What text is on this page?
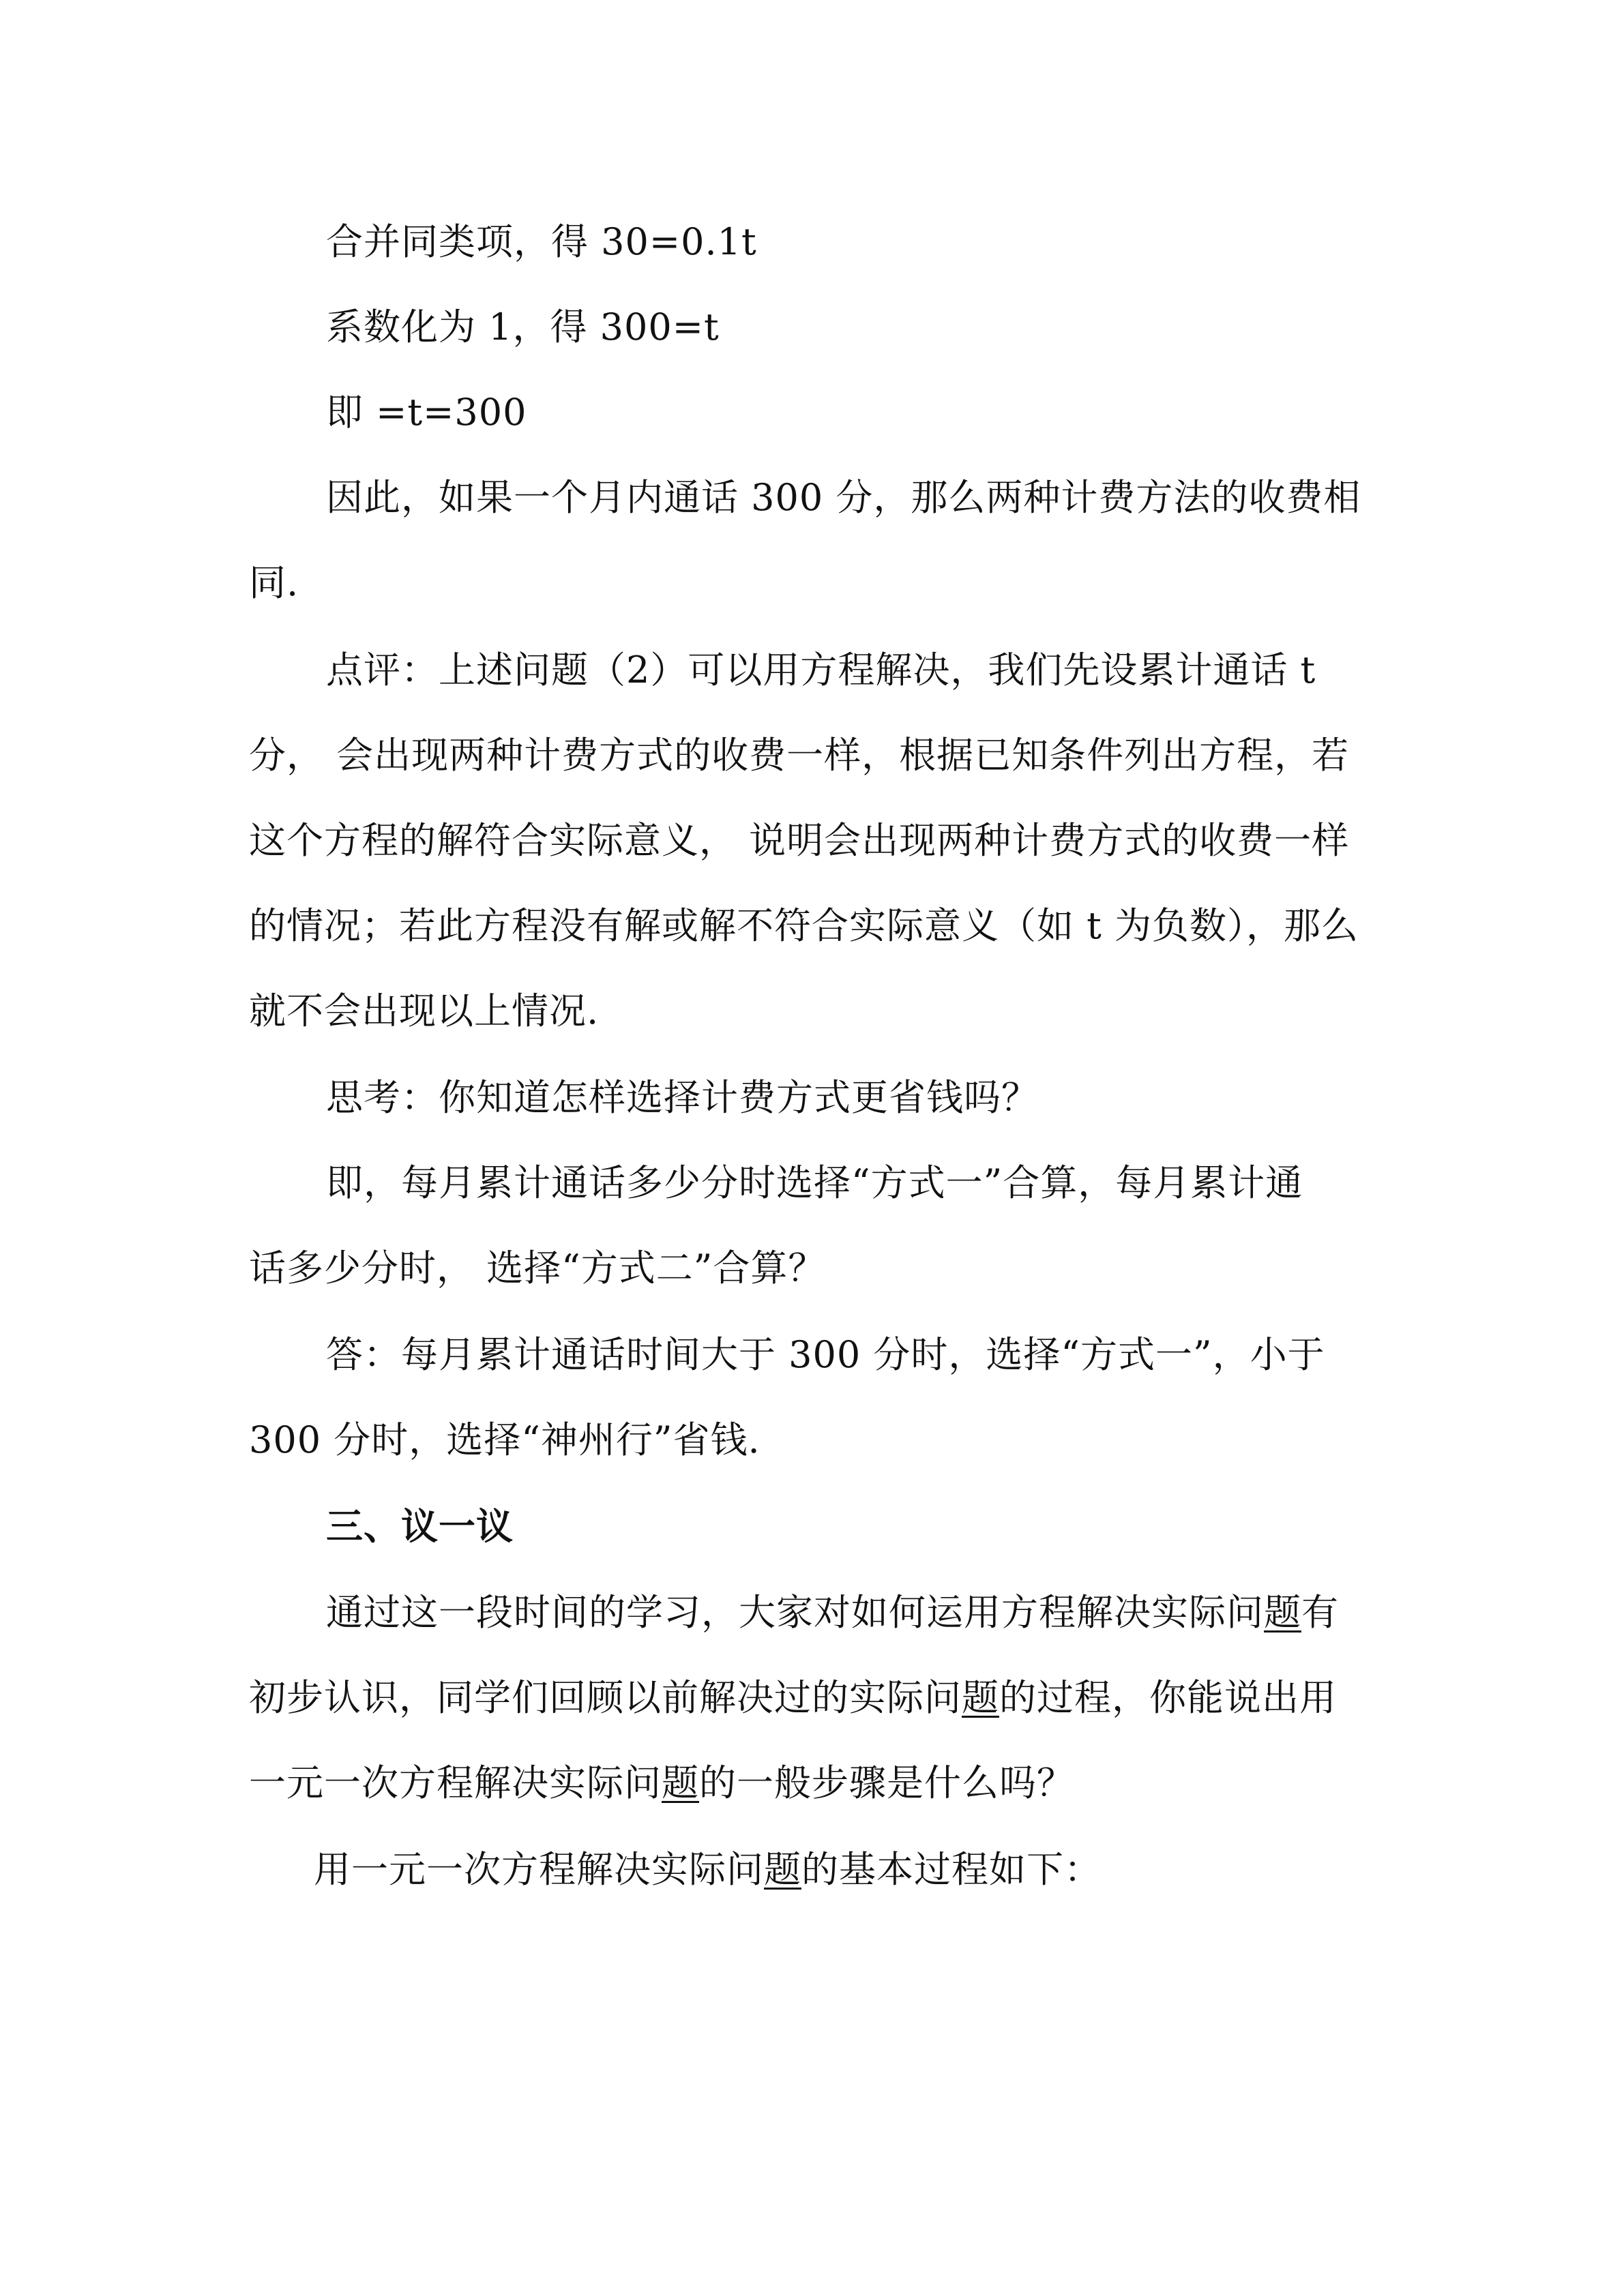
合并同类项，得 30=0.1t
系数化为 1，得 300=t
即 =t=300
因此，如果一个月内通话 300 分，那么两种计费方法的收费相
同.
点评：上述问题（2）可以用方程解决，我们先设累计通话 t
分， 会出现两种计费方式的收费一样，根据已知条件列出方程，若
这个方程的解符合实际意义， 说明会出现两种计费方式的收费一样
的情况；若此方程没有解或解不符合实际意义（如 t 为负数），那么
就不会出现以上情况.
思考：你知道怎样选择计费方式更省钱吗？
即，每月累计通话多少分时选择“方式一”合算，每月累计通
话多少分时， 选择“方式二”合算？
答：每月累计通话时间大于 300 分时，选择“方式一”，小于
300 分时，选择“神州行”省钱.
三、议一议
通过这一段时间的学习，大家对如何运用方程解决实际问题有
初步认识，同学们回顾以前解决过的实际问题的过程，你能说出用
一元一次方程解决实际问题的一般步骤是什么吗？
用一元一次方程解决实际问题的基本过程如下：
